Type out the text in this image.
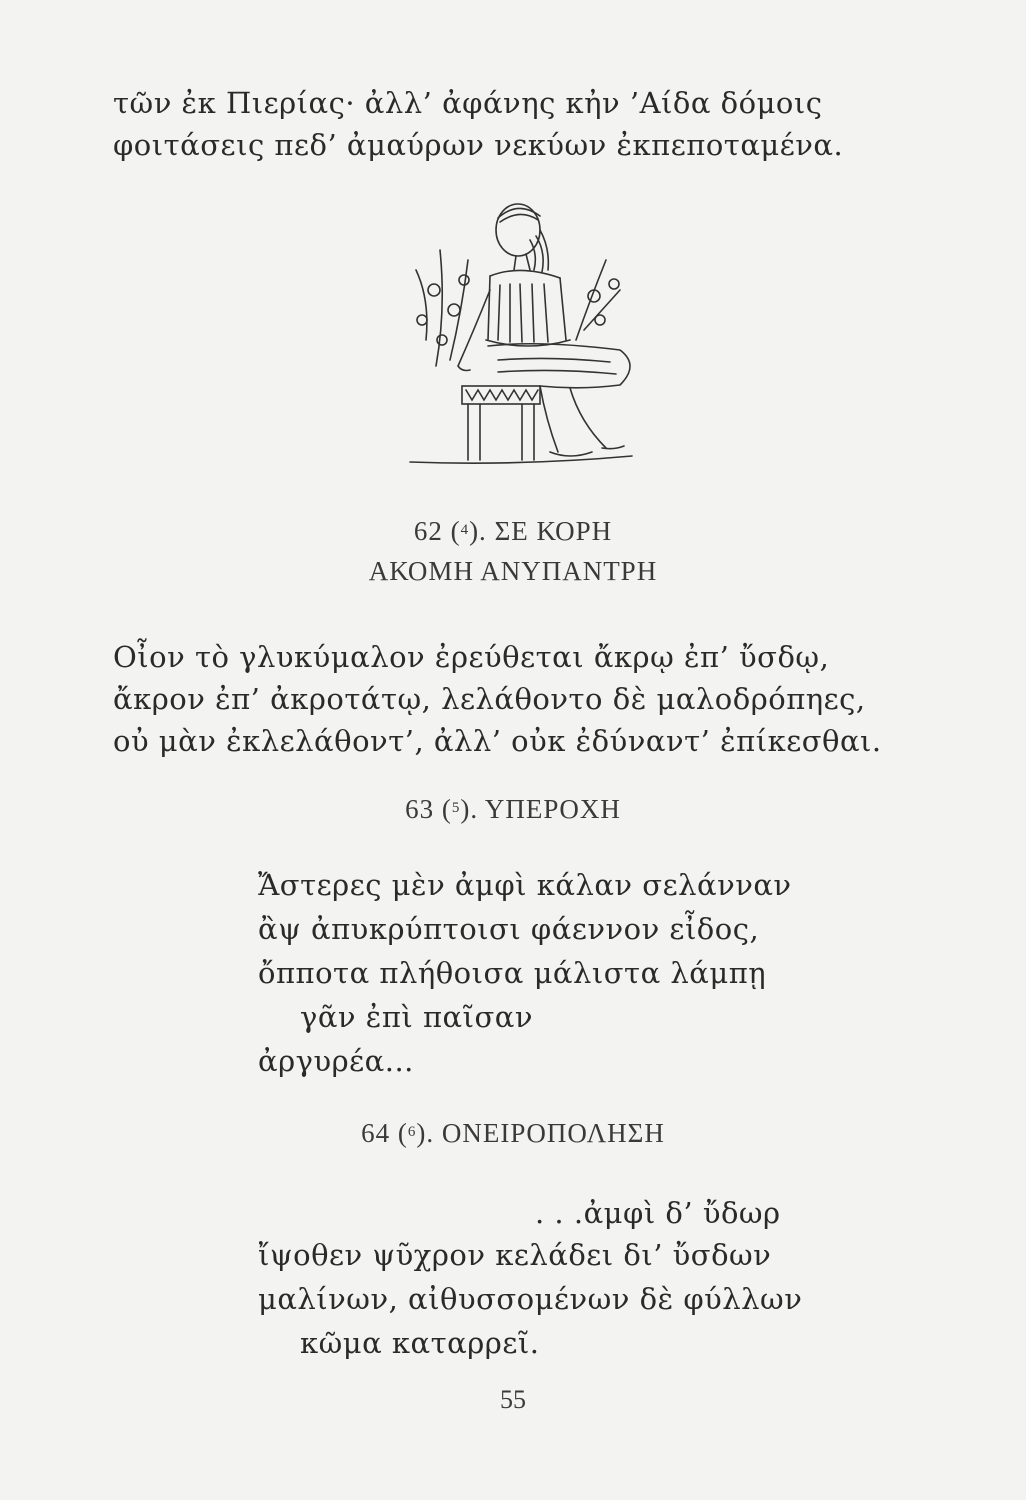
τῶν ἐκ Πιερίας· ἀλλ’ ἀφάνης κἠν ’Αίδα δόμοις

φοιτάσεις πεδ’ ἀμαύρων νεκύων ἐκπεποταμένα.

62 ($^4$). ΣΕ ΚΟΡΗ
ΑΚΟΜΗ ΑΝΥΠΑΝΤΡΗ

Οἶον τὸ γλυκύμαλον ἐρεύθεται ἄκρῳ ἐπ’ ὔσδῳ,

ἄκρον ἐπ’ ἀκροτάτῳ, λελάθοντο δὲ μαλοδρόπηες,

οὐ μὰν ἐκλελάθοντ’, ἀλλ’ οὐκ ἐδύναντ’ ἐπίκεσθαι.

63 ($^5$). ΥΠΕΡΟΧΗ

Ἄστερες μὲν ἀμφὶ κάλαν σελάνναν

ἂψ ἀπυκρύπτοισι φάεννον εἶδος,

ὄπποτα πλήθοισα μάλιστα λάμπῃ

γᾶν ἐπὶ παῖσαν

ἀργυρέα...

64 ($^6$). ΟΝΕΙΡΟΠΟΛΗΣΗ

. . .ἀμφὶ δ’ ὔδωρ

ἴψοθεν ψῦχρον κελάδει δι’ ὔσδων

μαλίνων, αἰθυσσομένων δὲ φύλλων

κῶμα καταρρεῖ.

55
